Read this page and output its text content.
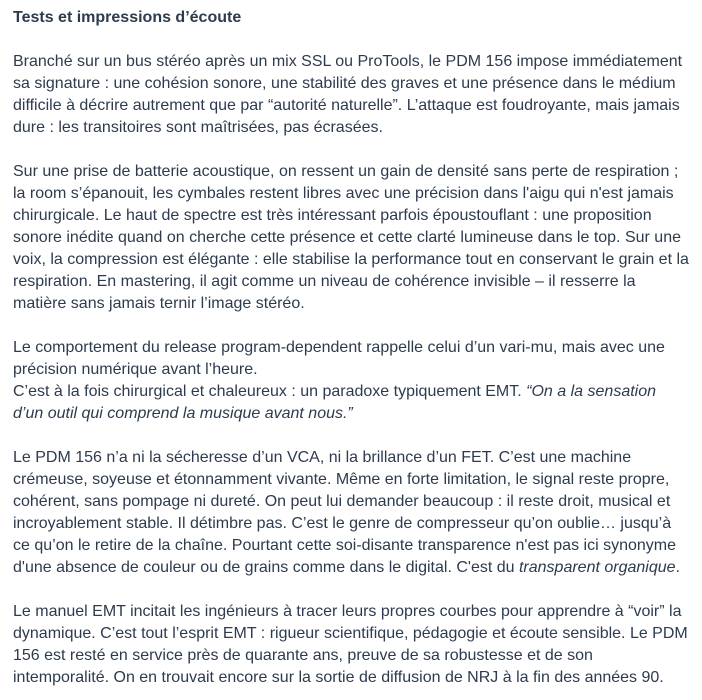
Tests et impressions d’écoute

Branché sur un bus stéréo après un mix SSL ou ProTools, le PDM 156 impose immédiatement sa signature : une cohésion sonore, une stabilité des graves et une présence dans le médium difficile à décrire autrement que par “autorité naturelle”. L’attaque est foudroyante, mais jamais dure : les transitoires sont maîtrisées, pas écrasées.

Sur une prise de batterie acoustique, on ressent un gain de densité sans perte de respiration ; la room s’épanouit, les cymbales restent libres avec une précision dans l'aigu qui n'est jamais chirurgicale. Le haut de spectre est très intéressant parfois époustouflant : une proposition sonore inédite quand on cherche cette présence et cette clarté lumineuse dans le top. Sur une voix, la compression est élégante : elle stabilise la performance tout en conservant le grain et la respiration. En mastering, il agit comme un niveau de cohérence invisible – il resserre la matière sans jamais ternir l’image stéréo.

Le comportement du release program-dependent rappelle celui d’un vari-mu, mais avec une précision numérique avant l’heure.
C’est à la fois chirurgical et chaleureux : un paradoxe typiquement EMT. “On a la sensation d’un outil qui comprend la musique avant nous.”

Le PDM 156 n’a ni la sécheresse d’un VCA, ni la brillance d’un FET. C’est une machine crémeuse, soyeuse et étonnamment vivante. Même en forte limitation, le signal reste propre, cohérent, sans pompage ni dureté. On peut lui demander beaucoup : il reste droit, musical et incroyablement stable. Il détimbre pas. C’est le genre de compresseur qu’on oublie… jusqu’à ce qu’on le retire de la chaîne. Pourtant cette soi-disante transparence n'est pas ici synonyme d'une absence de couleur ou de grains comme dans le digital. C'est du transparent organique.

Le manuel EMT incitait les ingénieurs à tracer leurs propres courbes pour apprendre à “voir” la dynamique. C’est tout l’esprit EMT : rigueur scientifique, pédagogie et écoute sensible. Le PDM 156 est resté en service près de quarante ans, preuve de sa robustesse et de son intemporalité. On en trouvait encore sur la sortie de diffusion de NRJ à la fin des années 90.
